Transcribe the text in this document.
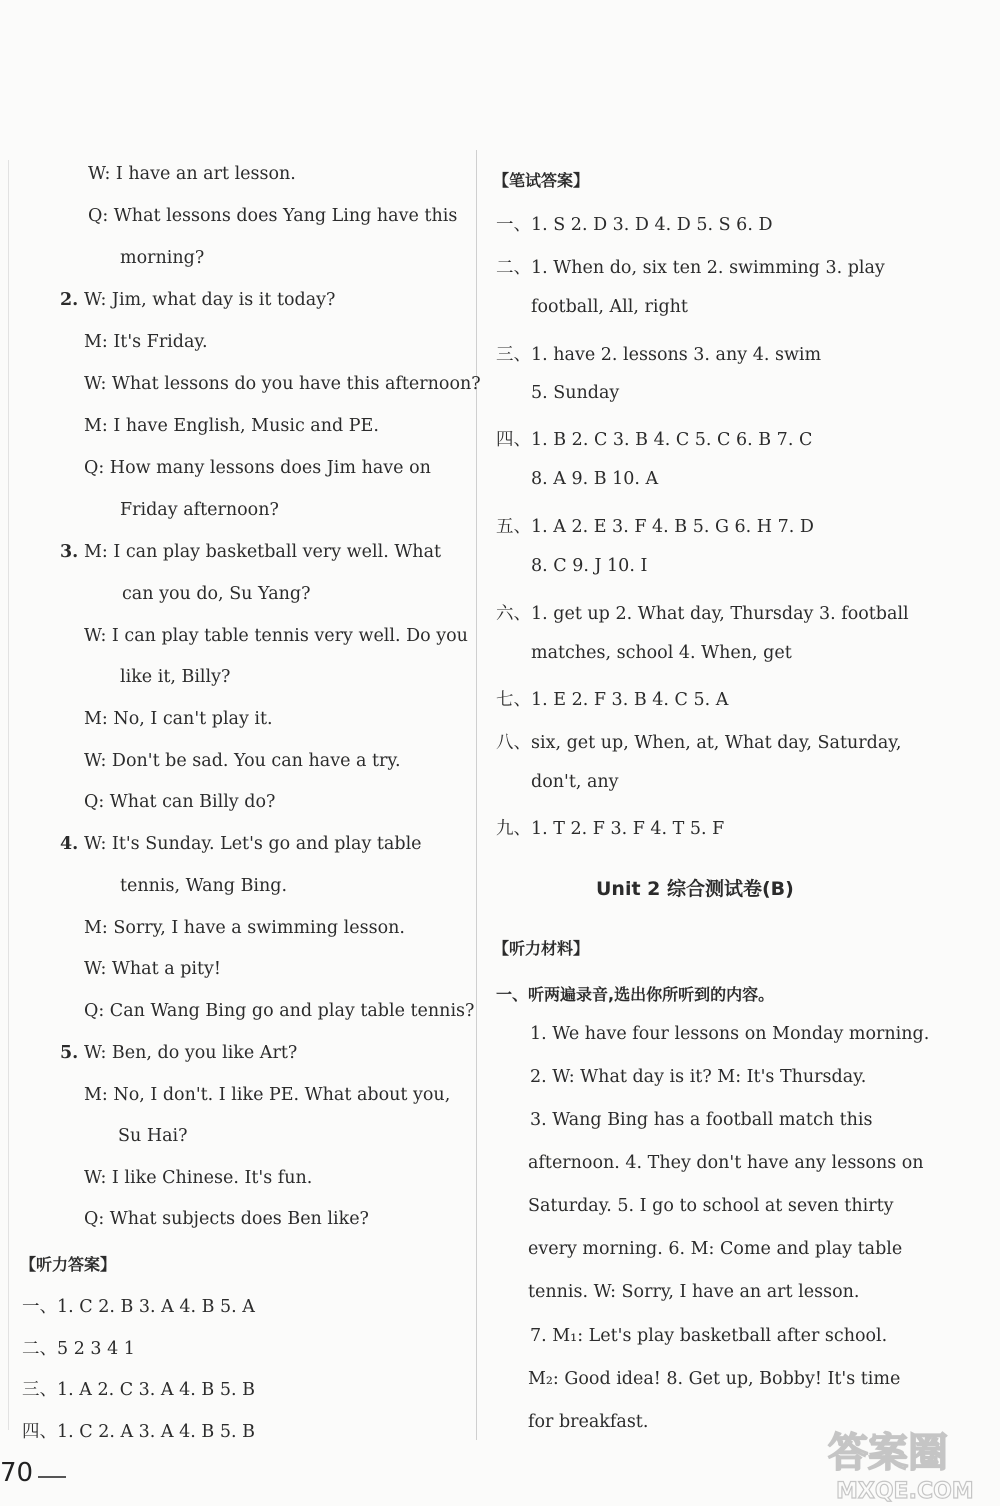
W: I have an art lesson.
Q: What lessons does Yang Ling have this
morning?
2. W: Jim, what day is it today?
M: It's Friday.
W: What lessons do you have this afternoon?
M: I have English, Music and PE.
Q: How many lessons does Jim have on
Friday afternoon?
3. M: I can play basketball very well. What
can you do, Su Yang?
W: I can play table tennis very well. Do you
like it, Billy?
M: No, I can't play it.
W: Don't be sad. You can have a try.
Q: What can Billy do?
4. W: It's Sunday. Let's go and play table
tennis, Wang Bing.
M: Sorry, I have a swimming lesson.
W: What a pity!
Q: Can Wang Bing go and play table tennis?
5. W: Ben, do you like Art?
M: No, I don't. I like PE. What about you,
Su Hai?
W: I like Chinese. It's fun.
Q: What subjects does Ben like?
【听力答案】
一、1. C 2. B 3. A 4. B 5. A
二、5 2 3 4 1
三、1. A 2. C 3. A 4. B 5. B
四、1. C 2. A 3. A 4. B 5. B
【笔试答案】
一、1. S 2. D 3. D 4. D 5. S 6. D
二、1. When do, six ten 2. swimming 3. play
football, All, right
三、1. have 2. lessons 3. any 4. swim
5. Sunday
四、1. B 2. C 3. B 4. C 5. C 6. B 7. C
8. A 9. B 10. A
五、1. A 2. E 3. F 4. B 5. G 6. H 7. D
8. C 9. J 10. I
六、1. get up 2. What day, Thursday 3. football
matches, school 4. When, get
七、1. E 2. F 3. B 4. C 5. A
八、six, get up, When, at, What day, Saturday,
don't, any
九、1. T 2. F 3. F 4. T 5. F
Unit 2 综合测试卷(B)
【听力材料】
一、听两遍录音,选出你所听到的内容。
1. We have four lessons on Monday morning.
2. W: What day is it? M: It's Thursday.
3. Wang Bing has a football match this
afternoon. 4. They don't have any lessons on
Saturday. 5. I go to school at seven thirty
every morning. 6. M: Come and play table
tennis. W: Sorry, I have an art lesson.
7. M₁: Let's play basketball after school.
M₂: Good idea! 8. Get up, Bobby! It's time
for breakfast.
70	答案圈
MXQE.COM
